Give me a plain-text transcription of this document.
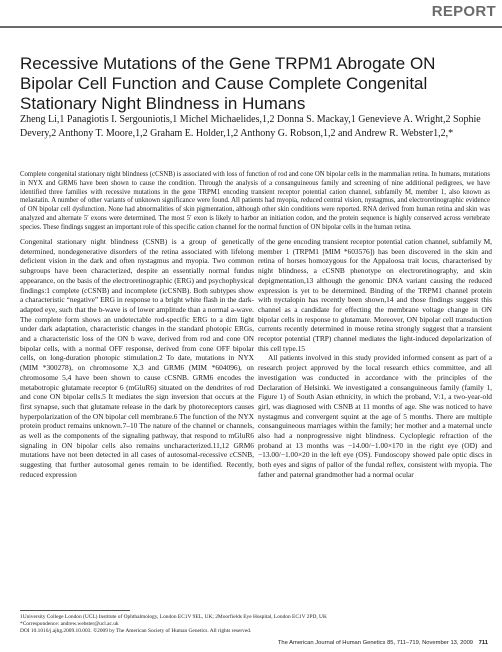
REPORT
Recessive Mutations of the Gene TRPM1 Abrogate ON Bipolar Cell Function and Cause Complete Congenital Stationary Night Blindness in Humans
Zheng Li,1 Panagiotis I. Sergouniotis,1 Michel Michaelides,1,2 Donna S. Mackay,1 Genevieve A. Wright,2 Sophie Devery,2 Anthony T. Moore,1,2 Graham E. Holder,1,2 Anthony G. Robson,1,2 and Andrew R. Webster1,2,*
Complete congenital stationary night blindness (cCSNB) is associated with loss of function of rod and cone ON bipolar cells in the mammalian retina. In humans, mutations in NYX and GRM6 have been shown to cause the condition. Through the analysis of a consanguineous family and screening of nine additional pedigrees, we have identified three families with recessive mutations in the gene TRPM1 encoding transient receptor potential cation channel, subfamily M, member 1, also known as melastatin. A number of other variants of unknown significance were found. All patients had myopia, reduced central vision, nystagmus, and electroretinographic evidence of ON bipolar cell dysfunction. None had abnormalities of skin pigmentation, although other skin conditions were reported. RNA derived from human retina and skin was analyzed and alternate 5′ exons were determined. The most 5′ exon is likely to harbor an initiation codon, and the protein sequence is highly conserved across vertebrate species. These findings suggest an important role of this specific cation channel for the normal function of ON bipolar cells in the human retina.

Congenital stationary night blindness (CSNB) is a group of genetically determined, nondegenerative disorders of the retina associated with lifelong deficient vision in the dark and often nystagmus and myopia. Two common subgroups have been characterized, despite an essentially normal fundus appearance, on the basis of the electroretinographic (ERG) and psychophysical findings:1 complete (cCSNB) and incomplete (icCSNB). Both subtypes show a characteristic “negative” ERG in response to a bright white flash in the dark-adapted eye, such that the b-wave is of lower amplitude than a normal a-wave. The complete form shows an undetectable rod-specific ERG to a dim light under dark adaptation, characteristic changes in the standard photopic ERGs, and a characteristic loss of the ON b wave, derived from rod and cone ON bipolar cells, with a normal OFF response, derived from cone OFF bipolar cells, on long-duration photopic stimulation.2 To date, mutations in NYX (MIM *300278), on chromosome X,3 and GRM6 (MIM *604096), on chromosome 5,4 have been shown to cause cCSNB. GRM6 encodes the metabotropic glutamate receptor 6 (mGluR6) situated on the dendrites of rod and cone ON bipolar cells.5 It mediates the sign inversion that occurs at the first synapse, such that glutamate release in the dark by photoreceptors causes hyperpolarization of the ON bipolar cell membrane.6 The function of the NYX protein product remains unknown.7–10 The nature of the channel or channels, as well as the components of the signaling pathway, that respond to mGluR6 signaling in ON bipolar cells also remains uncharacterized.11,12 GRM6 mutations have not been detected in all cases of autosomal-recessive cCSNB, suggesting that further autosomal genes remain to be identified. Recently, reduced expression

of the gene encoding transient receptor potential cation channel, subfamily M, member 1 (TRPM1 [MIM *603576]) has been discovered in the skin and retina of horses homozygous for the Appaloosa trait locus, characterised by night blindness, a cCSNB phenotype on electroretinography, and skin depigmentation,13 although the genomic DNA variant causing the reduced expression is yet to be determined. Binding of the TRPM1 channel protein with nyctalopin has recently been shown,14 and those findings suggest this channel as a candidate for effecting the membrane voltage change in ON bipolar cells in response to glutamate. Moreover, ON bipolar cell transduction currents recently determined in mouse retina strongly suggest that a transient receptor potential (TRP) channel mediates the light-induced depolarization of this cell type.15

All patients involved in this study provided informed consent as part of a research project approved by the local research ethics committee, and all investigation was conducted in accordance with the principles of the Declaration of Helsinki. We investigated a consanguineous family (family 1, Figure 1) of South Asian ethnicity, in which the proband, V:1, a two-year-old girl, was diagnosed with CSNB at 11 months of age. She was noticed to have nystagmus and convergent squint at the age of 5 months. There are multiple consanguineous marriages within the family; her mother and a maternal uncle also had a nonprogressive night blindness. Cycloplegic refraction of the proband at 13 months was −14.00/−1.00×170 in the right eye (OD) and −13.00/−1.00×20 in the left eye (OS). Fundoscopy showed pale optic discs in both eyes and signs of pallor of the fundal reflex, consistent with myopia. The father and paternal grandmother had a normal ocular

1University College London (UCL) Institute of Ophthalmology, London EC1V 9EL, UK; 2Moorfields Eye Hospital, London EC1V 2PD, UK
*Correspondence: andrew.webster@ucl.ac.uk
DOI 10.1016/j.ajhg.2009.10.003. ©2009 by The American Society of Human Genetics. All rights reserved.
The American Journal of Human Genetics 85, 711–719, November 13, 2009 711
